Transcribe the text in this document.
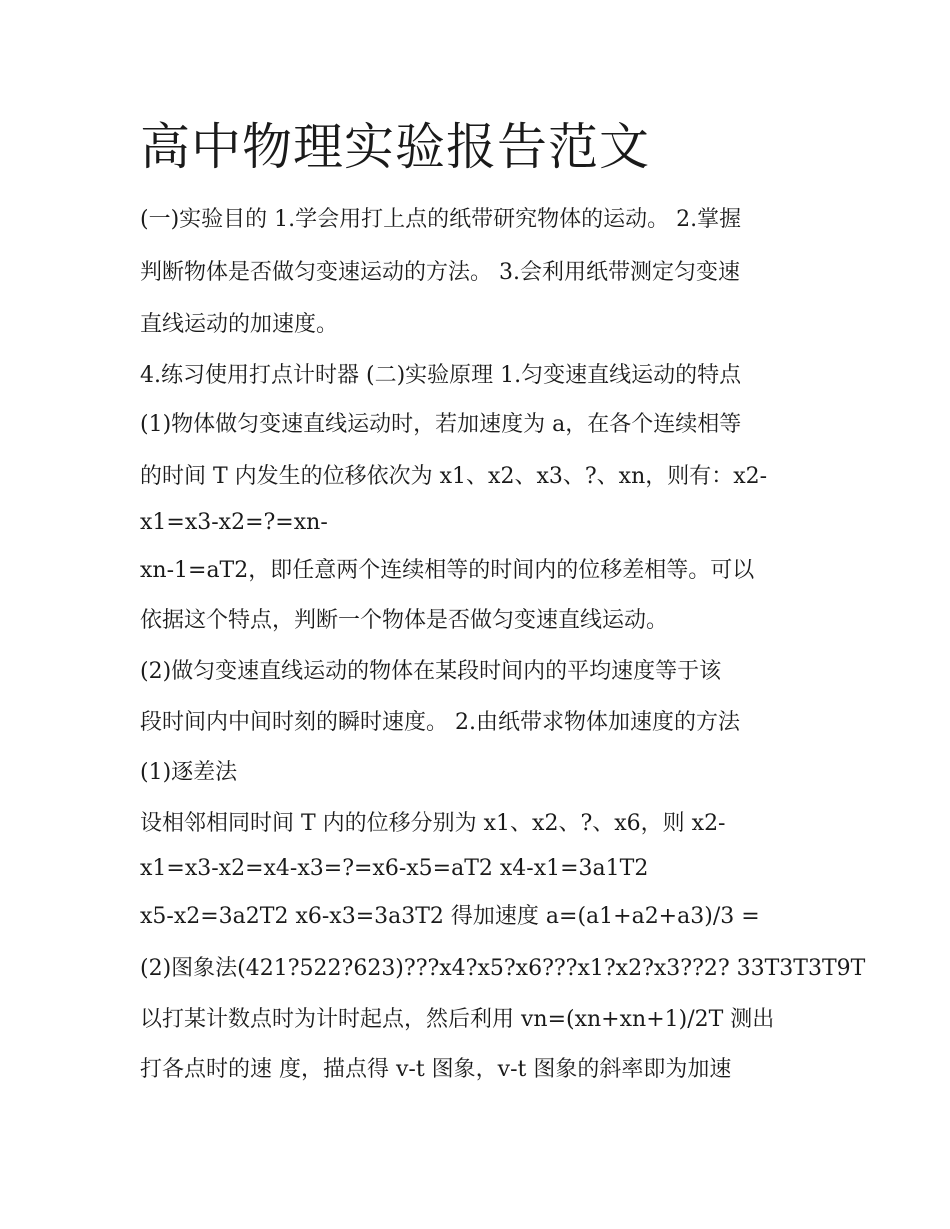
高中物理实验报告范文

(一)实验目的 1.学会用打上点的纸带研究物体的运动。 2.掌握

判断物体是否做匀变速运动的方法。 3.会利用纸带测定匀变速

直线运动的加速度。

4.练习使用打点计时器 (二)实验原理 1.匀变速直线运动的特点

(1)物体做匀变速直线运动时，若加速度为 a，在各个连续相等

的时间 T 内发生的位移依次为 x1、x2、x3、?、xn，则有：x2-

x1=x3-x2=?=xn-

xn-1=aT2，即任意两个连续相等的时间内的位移差相等。可以

依据这个特点，判断一个物体是否做匀变速直线运动。

(2)做匀变速直线运动的物体在某段时间内的平均速度等于该

段时间内中间时刻的瞬时速度。 2.由纸带求物体加速度的方法

(1)逐差法

设相邻相同时间 T 内的位移分别为 x1、x2、?、x6，则 x2-

x1=x3-x2=x4-x3=?=x6-x5=aT2 x4-x1=3a1T2

x5-x2=3a2T2 x6-x3=3a3T2 得加速度 a=(a1+a2+a3)/3 =

(2)图象法(421?522?623)???x4?x5?x6???x1?x2?x3??2? 33T3T3T9T

以打某计数点时为计时起点，然后利用 vn=(xn+xn+1)/2T 测出

打各点时的速 度，描点得 v-t 图象，v-t 图象的斜率即为加速
